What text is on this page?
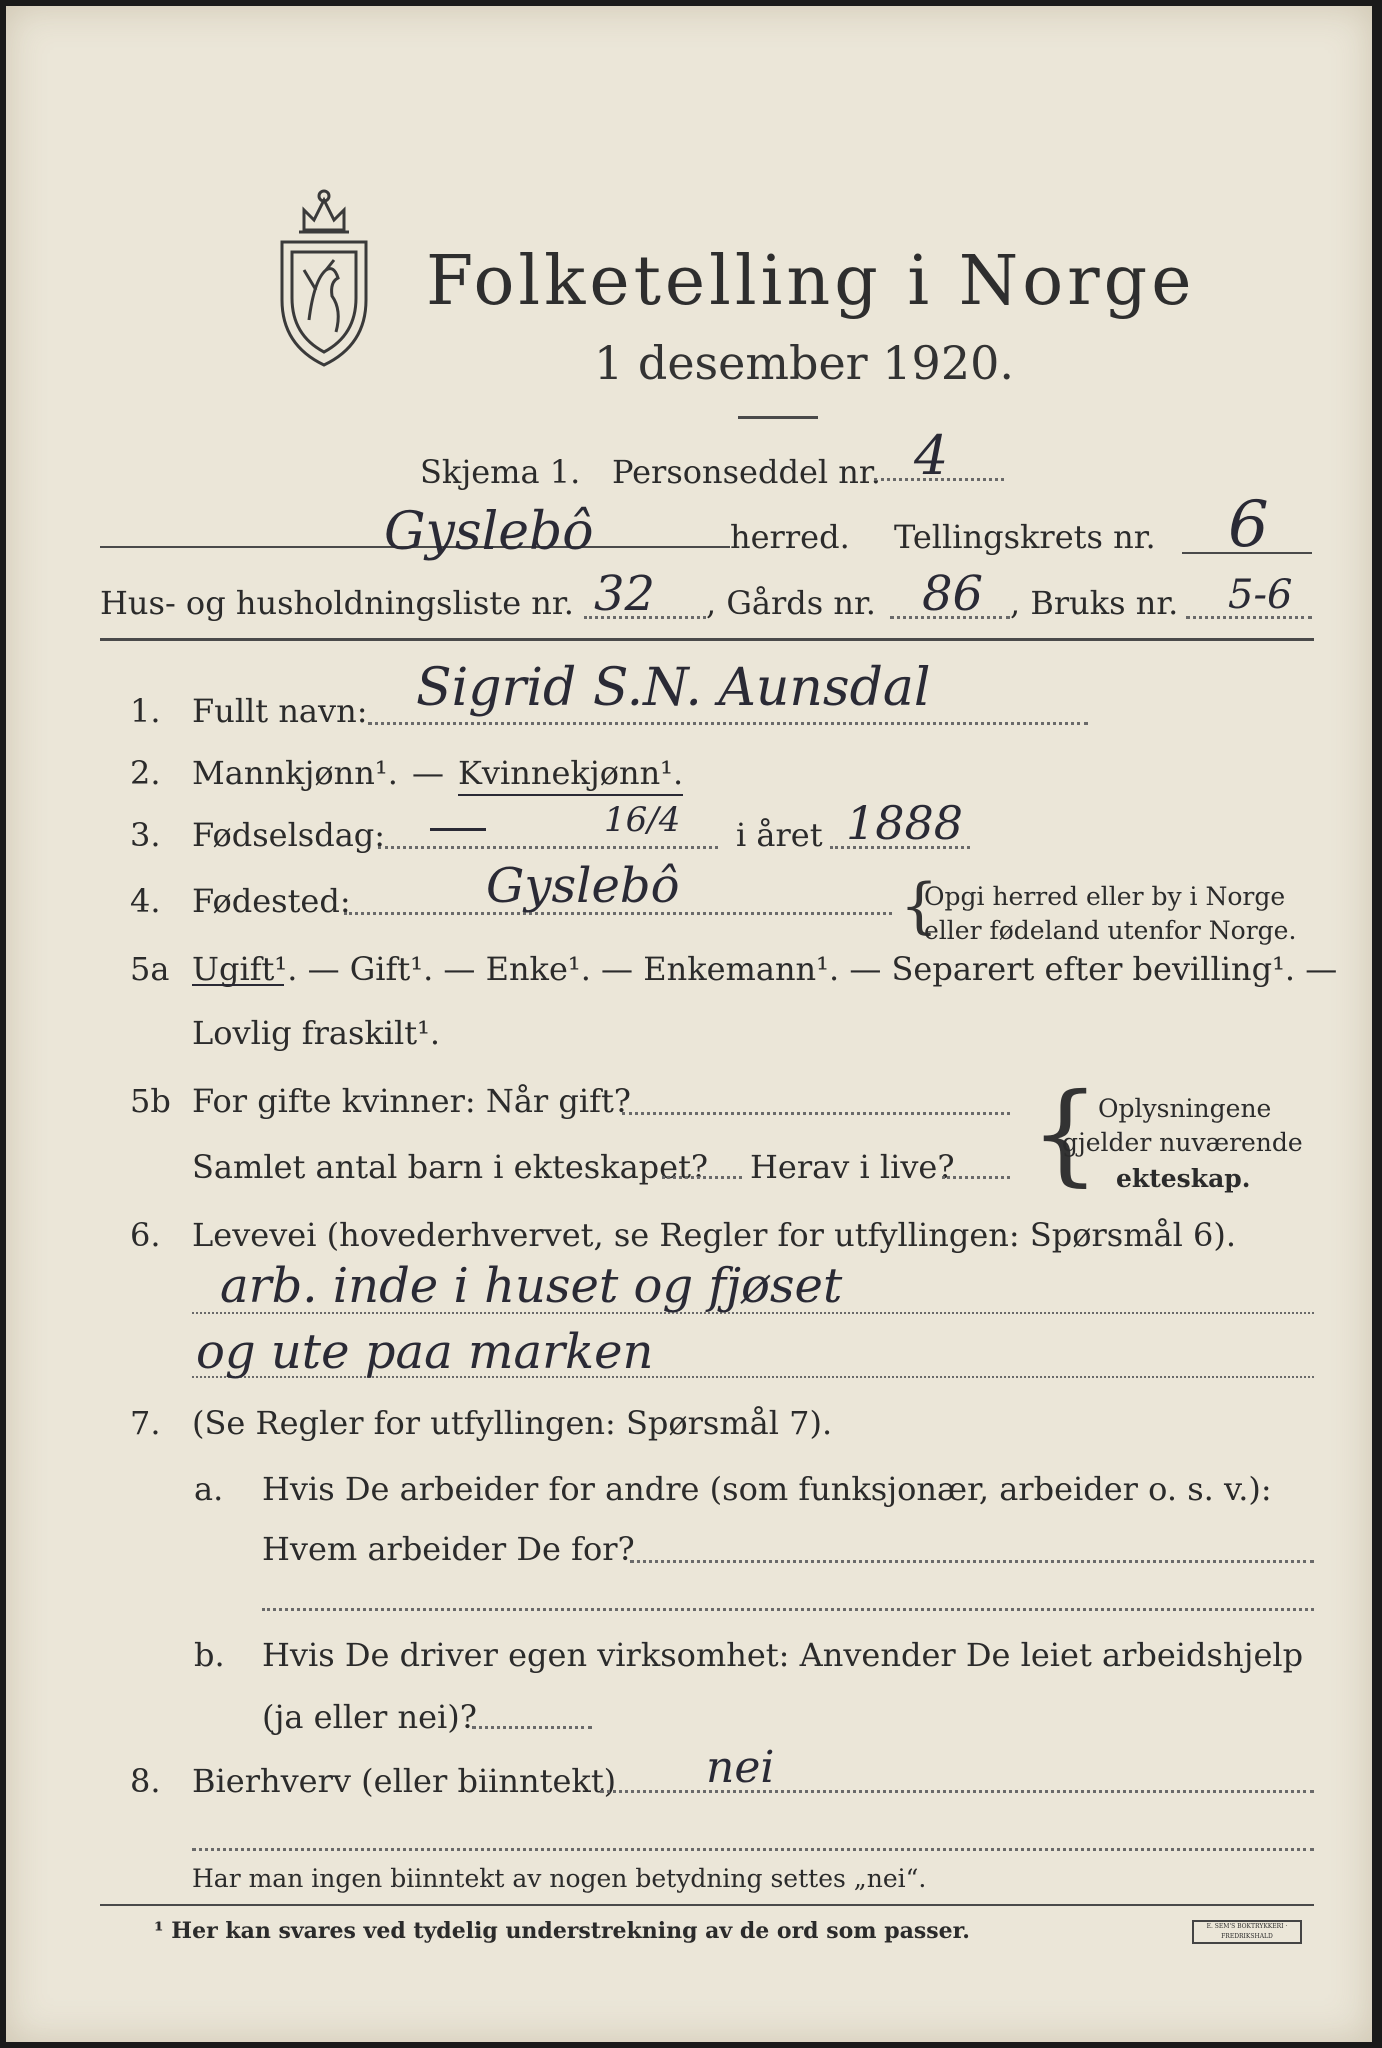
Folketelling i Norge
1 desember 1920.
Skjema 1. Personseddel nr. 4
Gyslebô	herred. Tellingskrets nr. 6
Hus- og husholdningsliste nr. 32 , Gårds nr. 86 , Bruks nr. 5-6
1. Fullt navn: Sigrid S.N. Aunsdal
2. Mannkjønn¹. — Kvinnekjønn¹.
3. Fødselsdag:	16/4 i året 1888
4. Fødested:	Gyslebô	{
Opgi herred eller by i Norge
eller fødeland utenfor Norge.
5a Ugift¹. — Gift¹. — Enke¹. — Enkemann¹. — Separert efter bevilling¹. —
Lovlig fraskilt¹.
5b For gifte kvinner: Når gift?
Samlet antal barn i ekteskapet? Herav i live? {
Oplysningene
gjelder nuværende
ekteskap.
6. Levevei (hovederhvervet, se Regler for utfyllingen: Spørsmål 6).
arb. inde i huset og fjøset
og ute paa marken
7. (Se Regler for utfyllingen: Spørsmål 7).
a. Hvis De arbeider for andre (som funksjonær, arbeider o. s. v.):
Hvem arbeider De for?
b. Hvis De driver egen virksomhet: Anvender De leiet arbeidshjelp
(ja eller nei)?
8. Bierhverv (eller biinntekt) nei
Har man ingen biinntekt av nogen betydning settes „nei“.
¹ Her kan svares ved tydelig understrekning av de ord som passer.	E. SEM'S BOKTRYKKERI · FREDRIKSHALD
